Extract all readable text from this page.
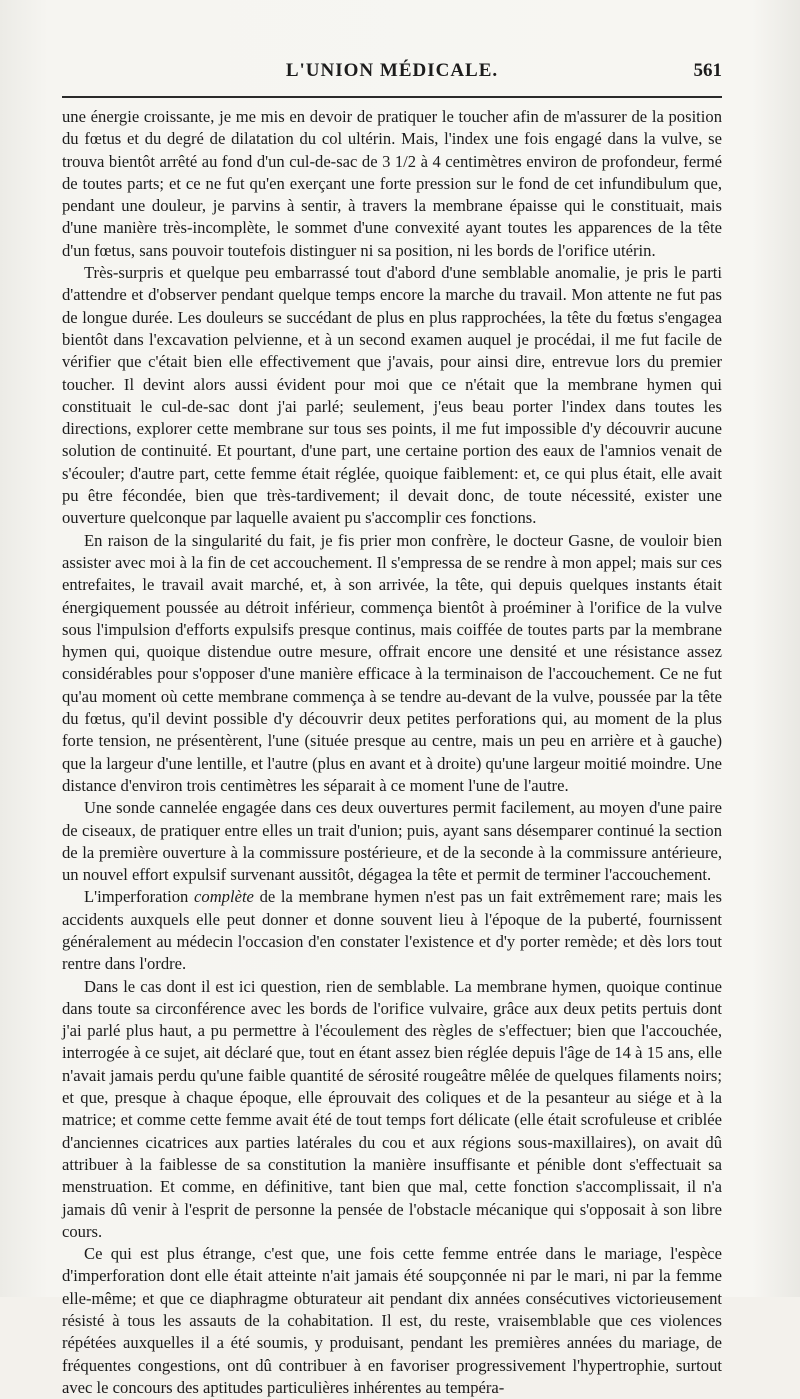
L'UNION MÉDICALE.	561

une énergie croissante, je me mis en devoir de pratiquer le toucher afin de m'assurer de la position du fœtus et du degré de dilatation du col ultérin. Mais, l'index une fois engagé dans la vulve, se trouva bientôt arrêté au fond d'un cul-de-sac de 3 1/2 à 4 centimètres environ de profondeur, fermé de toutes parts; et ce ne fut qu'en exerçant une forte pression sur le fond de cet infundibulum que, pendant une douleur, je parvins à sentir, à travers la membrane épaisse qui le constituait, mais d'une manière très-incomplète, le sommet d'une convexité ayant toutes les apparences de la tête d'un fœtus, sans pouvoir toutefois distinguer ni sa position, ni les bords de l'orifice utérin.

Très-surpris et quelque peu embarrassé tout d'abord d'une semblable anomalie, je pris le parti d'attendre et d'observer pendant quelque temps encore la marche du travail. Mon attente ne fut pas de longue durée. Les douleurs se succédant de plus en plus rapprochées, la tête du fœtus s'engagea bientôt dans l'excavation pelvienne, et à un second examen auquel je procédai, il me fut facile de vérifier que c'était bien elle effectivement que j'avais, pour ainsi dire, entrevue lors du premier toucher. Il devint alors aussi évident pour moi que ce n'était que la membrane hymen qui constituait le cul-de-sac dont j'ai parlé; seulement, j'eus beau porter l'index dans toutes les directions, explorer cette membrane sur tous ses points, il me fut impossible d'y découvrir aucune solution de continuité. Et pourtant, d'une part, une certaine portion des eaux de l'amnios venait de s'écouler; d'autre part, cette femme était réglée, quoique faiblement: et, ce qui plus était, elle avait pu être fécondée, bien que très-tardivement; il devait donc, de toute nécessité, exister une ouverture quelconque par laquelle avaient pu s'accomplir ces fonctions.

En raison de la singularité du fait, je fis prier mon confrère, le docteur Gasne, de vouloir bien assister avec moi à la fin de cet accouchement. Il s'empressa de se rendre à mon appel; mais sur ces entrefaites, le travail avait marché, et, à son arrivée, la tête, qui depuis quelques instants était énergiquement poussée au détroit inférieur, commença bientôt à proéminer à l'orifice de la vulve sous l'impulsion d'efforts expulsifs presque continus, mais coiffée de toutes parts par la membrane hymen qui, quoique distendue outre mesure, offrait encore une densité et une résistance assez considérables pour s'opposer d'une manière efficace à la terminaison de l'accouchement. Ce ne fut qu'au moment où cette membrane commença à se tendre au-devant de la vulve, poussée par la tête du fœtus, qu'il devint possible d'y découvrir deux petites perforations qui, au moment de la plus forte tension, ne présentèrent, l'une (située presque au centre, mais un peu en arrière et à gauche) que la largeur d'une lentille, et l'autre (plus en avant et à droite) qu'une largeur moitié moindre. Une distance d'environ trois centimètres les séparait à ce moment l'une de l'autre.

Une sonde cannelée engagée dans ces deux ouvertures permit facilement, au moyen d'une paire de ciseaux, de pratiquer entre elles un trait d'union; puis, ayant sans désemparer continué la section de la première ouverture à la commissure postérieure, et de la seconde à la commissure antérieure, un nouvel effort expulsif survenant aussitôt, dégagea la tête et permit de terminer l'accouchement.

L'imperforation complète de la membrane hymen n'est pas un fait extrêmement rare; mais les accidents auxquels elle peut donner et donne souvent lieu à l'époque de la puberté, fournissent généralement au médecin l'occasion d'en constater l'existence et d'y porter remède; et dès lors tout rentre dans l'ordre.

Dans le cas dont il est ici question, rien de semblable. La membrane hymen, quoique continue dans toute sa circonférence avec les bords de l'orifice vulvaire, grâce aux deux petits pertuis dont j'ai parlé plus haut, a pu permettre à l'écoulement des règles de s'effectuer; bien que l'accouchée, interrogée à ce sujet, ait déclaré que, tout en étant assez bien réglée depuis l'âge de 14 à 15 ans, elle n'avait jamais perdu qu'une faible quantité de sérosité rougeâtre mêlée de quelques filaments noirs; et que, presque à chaque époque, elle éprouvait des coliques et de la pesanteur au siége et à la matrice; et comme cette femme avait été de tout temps fort délicate (elle était scrofuleuse et criblée d'anciennes cicatrices aux parties latérales du cou et aux régions sous-maxillaires), on avait dû attribuer à la faiblesse de sa constitution la manière insuffisante et pénible dont s'effectuait sa menstruation. Et comme, en définitive, tant bien que mal, cette fonction s'accomplissait, il n'a jamais dû venir à l'esprit de personne la pensée de l'obstacle mécanique qui s'opposait à son libre cours.

Ce qui est plus étrange, c'est que, une fois cette femme entrée dans le mariage, l'espèce d'imperforation dont elle était atteinte n'ait jamais été soupçonnée ni par le mari, ni par la femme elle-même; et que ce diaphragme obturateur ait pendant dix années consécutives victorieusement résisté à tous les assauts de la cohabitation. Il est, du reste, vraisemblable que ces violences répétées auxquelles il a été soumis, y produisant, pendant les premières années du mariage, de fréquentes congestions, ont dû contribuer à en favoriser progressivement l'hypertrophie, surtout avec le concours des aptitudes particulières inhérentes au tempéra-
